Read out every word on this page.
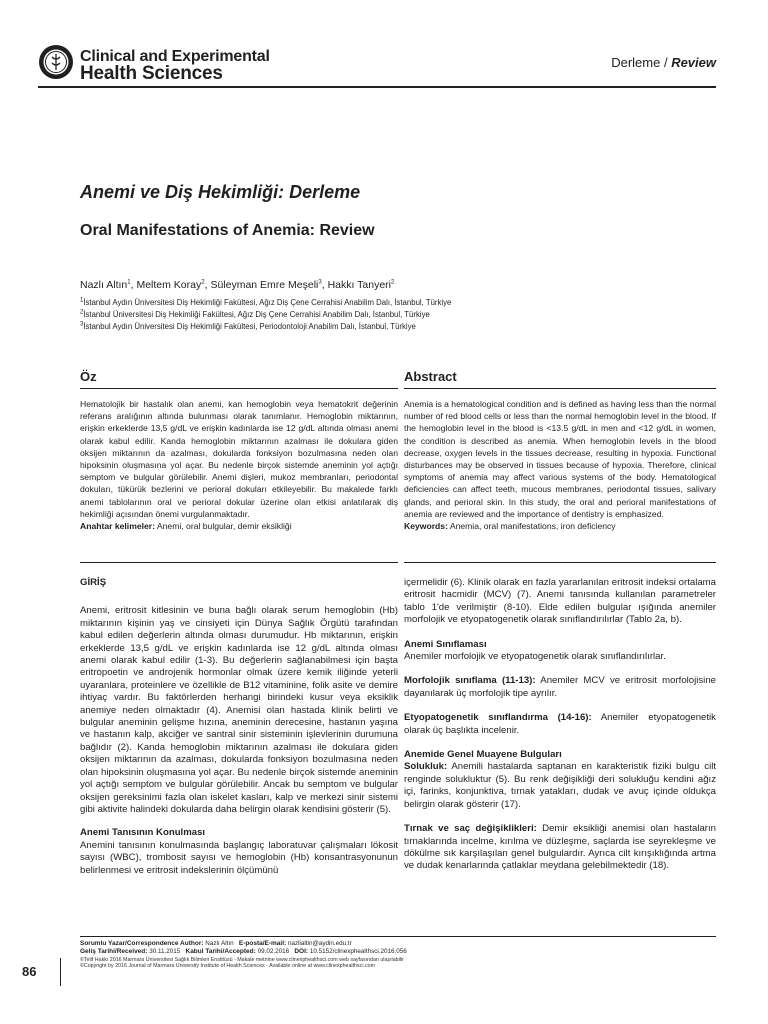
Clinical and Experimental
Health Sciences
Derleme / Review
Anemi ve Diş Hekimliği: Derleme
Oral Manifestations of Anemia: Review
Nazlı Altın$^1$, Meltem Koray$^2$, Süleyman Emre Meşeli$^3$, Hakkı Tanyeri$^2$
$^1$İstanbul Aydın Üniversitesi Diş Hekimliği Fakültesi, Ağız Diş Çene Cerrahisi Anabilim Dalı, İstanbul, Türkiye
$^2$İstanbul Üniversitesi Diş Hekimliği Fakültesi, Ağız Diş Çene Cerrahisi Anabilim Dalı, İstanbul, Türkiye
$^3$İstanbul Aydın Üniversitesi Diş Hekimliği Fakültesi, Periodontoloji Anabilim Dalı, İstanbul, Türkiye
Öz
Hematolojik bir hastalık olan anemi, kan hemoglobin veya hematokrit değerinin referans aralığının altında bulunması olarak tanımlanır. Hemoglobin miktarının, erişkin erkeklerde 13,5 g/dL ve erişkin kadınlarda ise 12 g/dL altında olması anemi olarak kabul edilir. Kanda hemoglobin miktarının azalması ile dokulara giden oksijen miktarının da azalması, dokularda fonksiyon bozulmasına neden olan hipoksinin oluşmasına yol açar. Bu nedenle birçok sistemde aneminin yol açtığı semptom ve bulgular görülebilir. Anemi dişleri, mukoz membranları, periodontal dokuları, tükürük bezlerini ve perioral dokuları etkileyebilir. Bu makalede farklı anemi tablolarının oral ve perioral dokular üzerine olan etkisi anlatılarak diş hekimliği açısından önemi vurgulanmaktadır.
Anahtar kelimeler: Anemi, oral bulgular, demir eksikliği
Abstract
Anemia is a hematological condition and is defined as having less than the normal number of red blood cells or less than the normal hemoglobin level in the blood. If the hemoglobin level in the blood is <13.5 g/dL in men and <12 g/dL in women, the condition is described as anemia. When hemoglobin levels in the blood decrease, oxygen levels in the tissues decrease, resulting in hypoxia. Functional disturbances may be observed in tissues because of hypoxia. Therefore, clinical symptoms of anemia may affect various systems of the body. Hematological deficiencies can affect teeth, mucous membranes, periodontal tissues, salivary glands, and perioral skin. In this study, the oral and perioral manifestations of anemia are reviewed and the importance of dentistry is emphasized.
Keywords: Anemia, oral manifestations, iron deficiency

GİRİŞ

Anemi, eritrosit kitlesinin ve buna bağlı olarak serum hemoglobin (Hb) miktarının kişinin yaş ve cinsiyeti için Dünya Sağlık Örgütü tarafından kabul edilen değerlerin altında olması durumudur. Hb miktarının, erişkin erkeklerde 13,5 g/dL ve erişkin kadınlarda ise 12 g/dL altında olması anemi olarak kabul edilir (1-3). Bu değerlerin sağlanabilmesi için başta eritropoetin ve androjenik hormonlar olmak üzere kemik iliğinde yeterli uyaranlara, proteinlere ve özellikle de B12 vitaminine, folik asite ve demire ihtiyaç vardır. Bu faktörlerden herhangi birindeki kusur veya eksiklik anemiye neden olmaktadır (4). Anemisi olan hastada klinik belirti ve bulgular aneminin gelişme hızına, aneminin derecesine, hastanın yaşına ve hastanın kalp, akciğer ve santral sinir sisteminin işlevlerinin durumuna bağlıdır (2). Kanda hemoglobin miktarının azalması ile dokulara giden oksijen miktarının da azalması, dokularda fonksiyon bozulmasına neden olan hipoksinin oluşmasına yol açar. Bu nedenle birçok sistemde aneminin yol açtığı semptom ve bulgular görülebilir. Ancak bu semptom ve bulgular oksijen gereksinimi fazla olan iskelet kasları, kalp ve merkezi sinir sistemi gibi aktivite halindeki dokularda daha belirgin olarak kendisini gösterir (5).

Anemi Tanısının Konulması

Anemini tanısının konulmasında başlangıç laboratuvar çalışmaları lökosit sayısı (WBC), trombosit sayısı ve hemoglobin (Hb) konsantrasyonunun belirlenmesi ve eritrosit indekslerinin ölçümünü

içermelidir (6). Klinik olarak en fazla yararlanılan eritrosit indeksi ortalama eritrosit hacmidir (MCV) (7). Anemi tanısında kullanılan parametreler tablo 1'de verilmiştir (8-10). Elde edilen bulgular ışığında anemiler morfolojik ve etyopatogenetik olarak sınıflandırılırlar (Tablo 2a, b).

Anemi Sınıflaması

Anemiler morfolojik ve etyopatogenetik olarak sınıflandırılırlar.

Morfolojik sınıflama (11-13): Anemiler MCV ve eritrosit morfolojisine dayanılarak üç morfolojik tipe ayrılır.

Etyopatogenetik sınıflandırma (14-16): Anemiler etyopatogenetik olarak üç başlıkta incelenir.

Anemide Genel Muayene Bulguları

Solukluk: Anemili hastalarda saptanan en karakteristik fiziki bulgu cilt renginde solukluktur (5). Bu renk değişikliği deri solukluğu kendini ağız içi, farinks, konjunktiva, tırnak yatakları, dudak ve avuç içinde oldukça belirgin olarak gösterir (17).

Tırnak ve saç değişiklikleri: Demir eksikliği anemisi olan hastaların tırnaklarında incelme, kırılma ve düzleşme, saçlarda ise seyrekleşme ve dökülme sık karşılaşılan genel bulgulardır. Ayrıca cilt kırışıklığında artma ve dudak kenarlarında çatlaklar meydana gelebilmektedir (18).

Sorumlu Yazar/Correspondence Author: Nazlı Altın E-posta/E-mail: nazlialtin@aydin.edu.tr
Geliş Tarihi/Received: 30.11.2015 Kabul Tarihi/Accepted: 09.02.2016 DOI: 10.5152/clinexphealthsci.2016.056
©Telif Hakkı 2016 Marmara Üniversitesi Sağlık Bilimleri Enstitüsü - Makale metnine www.clinexphealthsci.com web sayfasından ulaşılabilir
©Copyright by 2016 Journal of Marmara University Institute of Health Sciences - Available online at www.clinexphealthsci.com
86
